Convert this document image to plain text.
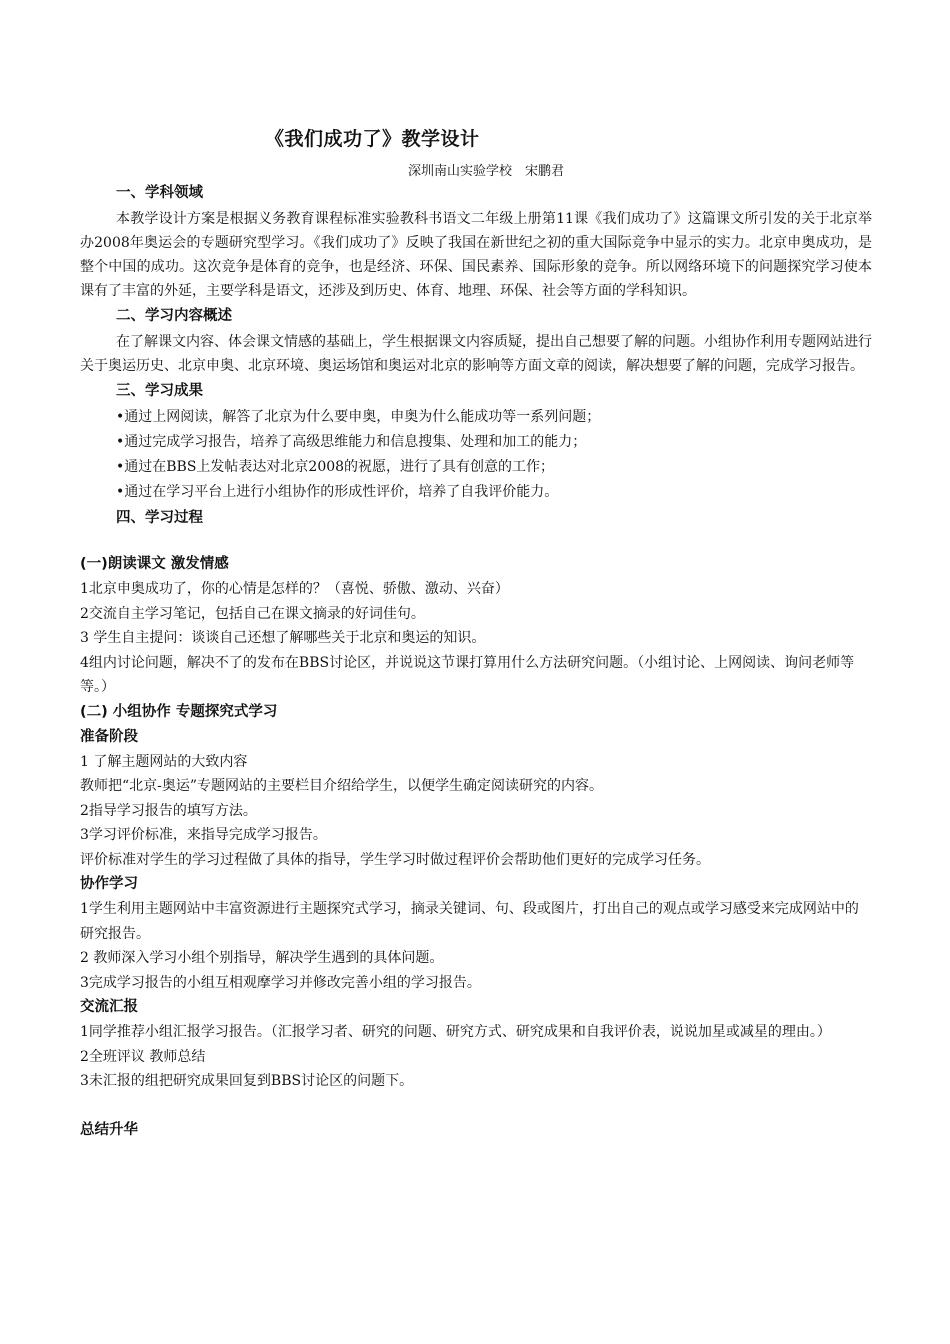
《我们成功了》教学设计
深圳南山实验学校　宋鹏君

一、学科领域

本教学设计方案是根据义务教育课程标准实验教科书语文二年级上册第11课《我们成功了》这篇课文所引发的关于北京举办2008年奥运会的专题研究型学习。《我们成功了》反映了我国在新世纪之初的重大国际竞争中显示的实力。北京申奥成功，是整个中国的成功。这次竞争是体育的竞争，也是经济、环保、国民素养、国际形象的竞争。所以网络环境下的问题探究学习使本课有了丰富的外延，主要学科是语文，还涉及到历史、体育、地理、环保、社会等方面的学科知识。

二、学习内容概述

在了解课文内容、体会课文情感的基础上，学生根据课文内容质疑，提出自己想要了解的问题。小组协作利用专题网站进行关于奥运历史、北京申奥、北京环境、奥运场馆和奥运对北京的影响等方面文章的阅读，解决想要了解的问题，完成学习报告。

三、学习成果

•通过上网阅读，解答了北京为什么要申奥，申奥为什么能成功等一系列问题；

•通过完成学习报告，培养了高级思维能力和信息搜集、处理和加工的能力；

•通过在BBS上发帖表达对北京2008的祝愿，进行了具有创意的工作；

•通过在学习平台上进行小组协作的形成性评价，培养了自我评价能力。

四、学习过程

(一)朗读课文 激发情感

1北京申奥成功了，你的心情是怎样的？（喜悦、骄傲、激动、兴奋）

2交流自主学习笔记，包括自己在课文摘录的好词佳句。

3 学生自主提问：谈谈自己还想了解哪些关于北京和奥运的知识。

4组内讨论问题，解决不了的发布在BBS讨论区，并说说这节课打算用什么方法研究问题。（小组讨论、上网阅读、询问老师等等。）

(二) 小组协作 专题探究式学习

准备阶段

1 了解主题网站的大致内容

教师把“北京-奥运”专题网站的主要栏目介绍给学生，以便学生确定阅读研究的内容。

2指导学习报告的填写方法。

3学习评价标准，来指导完成学习报告。

评价标准对学生的学习过程做了具体的指导，学生学习时做过程评价会帮助他们更好的完成学习任务。

协作学习

1学生利用主题网站中丰富资源进行主题探究式学习，摘录关键词、句、段或图片，打出自己的观点或学习感受来完成网站中的研究报告。

2 教师深入学习小组个别指导，解决学生遇到的具体问题。

3完成学习报告的小组互相观摩学习并修改完善小组的学习报告。

交流汇报

1同学推荐小组汇报学习报告。（汇报学习者、研究的问题、研究方式、研究成果和自我评价表，说说加星或减星的理由。）

2全班评议 教师总结

3未汇报的组把研究成果回复到BBS讨论区的问题下。

总结升华
